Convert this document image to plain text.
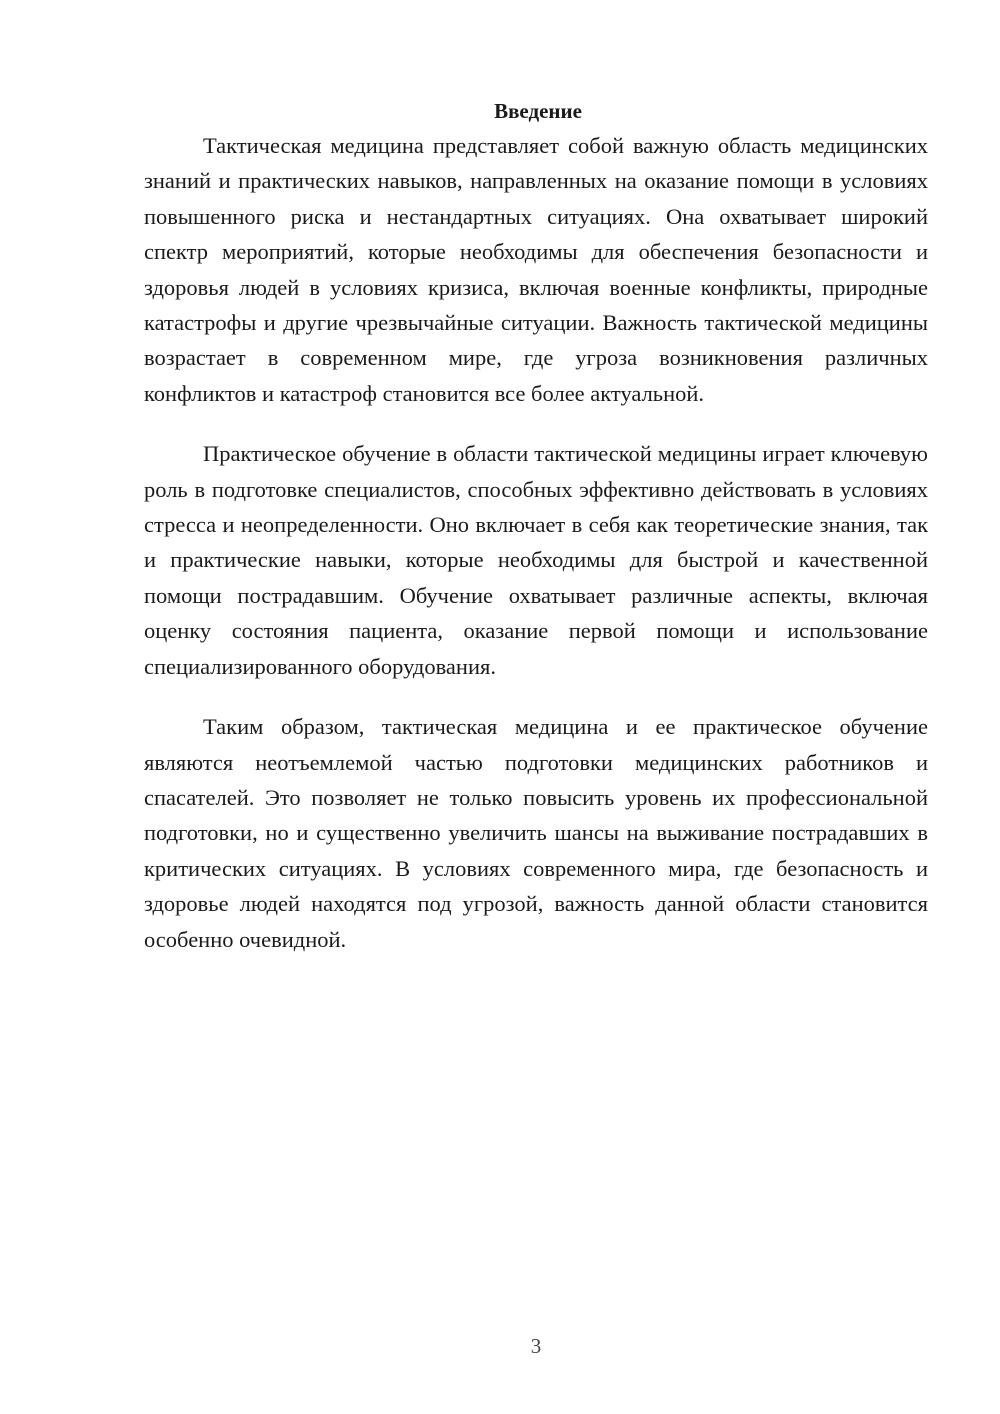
Введение

Тактическая медицина представляет собой важную область медицинских знаний и практических навыков, направленных на оказание помощи в условиях повышенного риска и нестандартных ситуациях. Она охватывает широкий спектр мероприятий, которые необходимы для обеспечения безопасности и здоровья людей в условиях кризиса, включая военные конфликты, природные катастрофы и другие чрезвычайные ситуации. Важность тактической медицины возрастает в современном мире, где угроза возникновения различных конфликтов и катастроф становится все более актуальной.

Практическое обучение в области тактической медицины играет ключевую роль в подготовке специалистов, способных эффективно действовать в условиях стресса и неопределенности. Оно включает в себя как теоретические знания, так и практические навыки, которые необходимы для быстрой и качественной помощи пострадавшим. Обучение охватывает различные аспекты, включая оценку состояния пациента, оказание первой помощи и использование специализированного оборудования.

Таким образом, тактическая медицина и ее практическое обучение являются неотъемлемой частью подготовки медицинских работников и спасателей. Это позволяет не только повысить уровень их профессиональной подготовки, но и существенно увеличить шансы на выживание пострадавших в критических ситуациях. В условиях современного мира, где безопасность и здоровье людей находятся под угрозой, важность данной области становится особенно очевидной.

3
